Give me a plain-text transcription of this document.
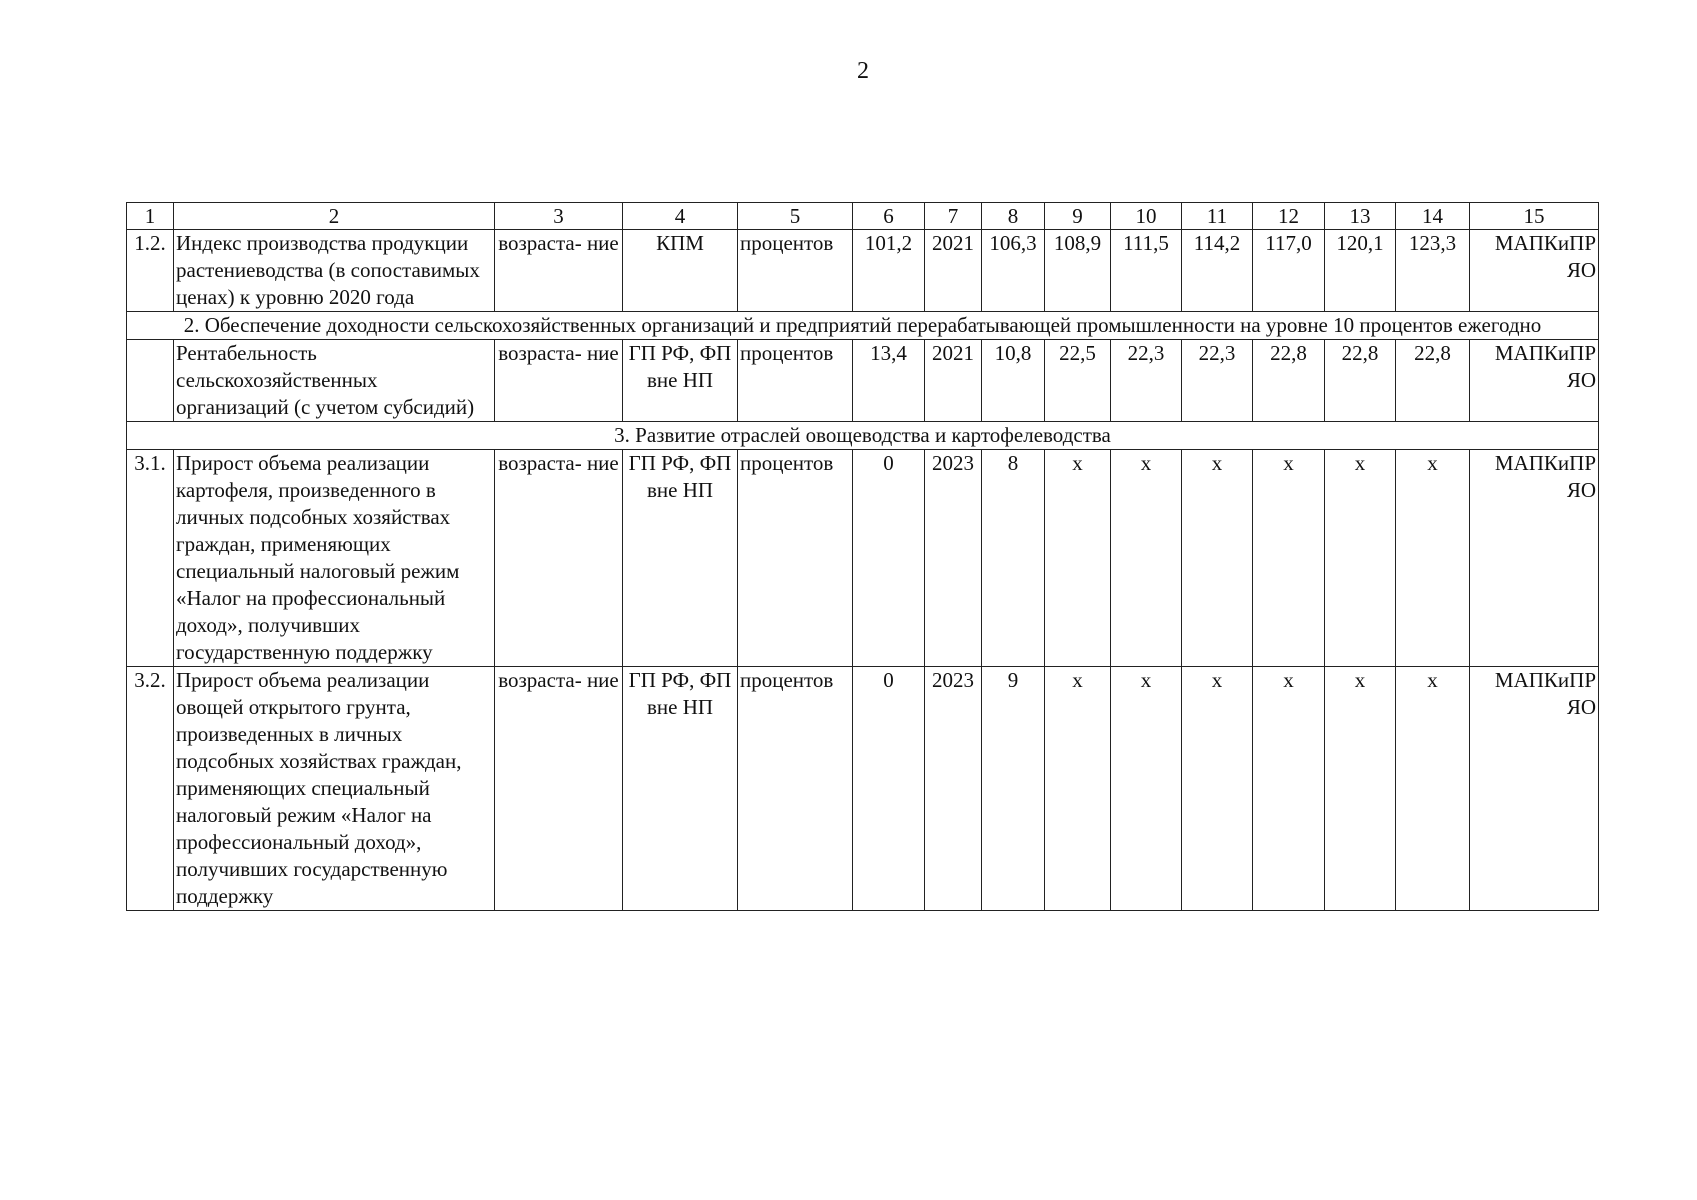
2
1	2	3	4	5	6	7	8	9	10	11	12	13	14	15
1.2.	Индекс производства продукции растениеводства (в сопоставимых ценах) к уровню 2020 года	возраста- ние	КПМ	процентов	101,2	2021	106,3	108,9	111,5	114,2	117,0	120,1	123,3	МАПКиПР ЯО
2. Обеспечение доходности сельскохозяйственных организаций и предприятий перерабатывающей промышленности на уровне 10 процентов ежегодно														
	Рентабельность сельскохозяйственных организаций (с учетом субсидий)	возраста- ние	ГП РФ, ФП вне НП	процентов	13,4	2021	10,8	22,5	22,3	22,3	22,8	22,8	22,8	МАПКиПР ЯО
3. Развитие отраслей овощеводства и картофелеводства														
3.1.	Прирост объема реализации картофеля, произведенного в личных подсобных хозяйствах граждан, применяющих специальный налоговый режим «Налог на профессиональный доход», получивших государственную поддержку	возраста- ние	ГП РФ, ФП вне НП	процентов	0	2023	8	х	х	х	х	х	х	МАПКиПР ЯО
3.2.	Прирост объема реализации овощей открытого грунта, произведенных в личных подсобных хозяйствах граждан, применяющих специальный налоговый режим «Налог на профессиональный доход», получивших государственную поддержку	возраста- ние	ГП РФ, ФП вне НП	процентов	0	2023	9	х	х	х	х	х	х	МАПКиПР ЯО
